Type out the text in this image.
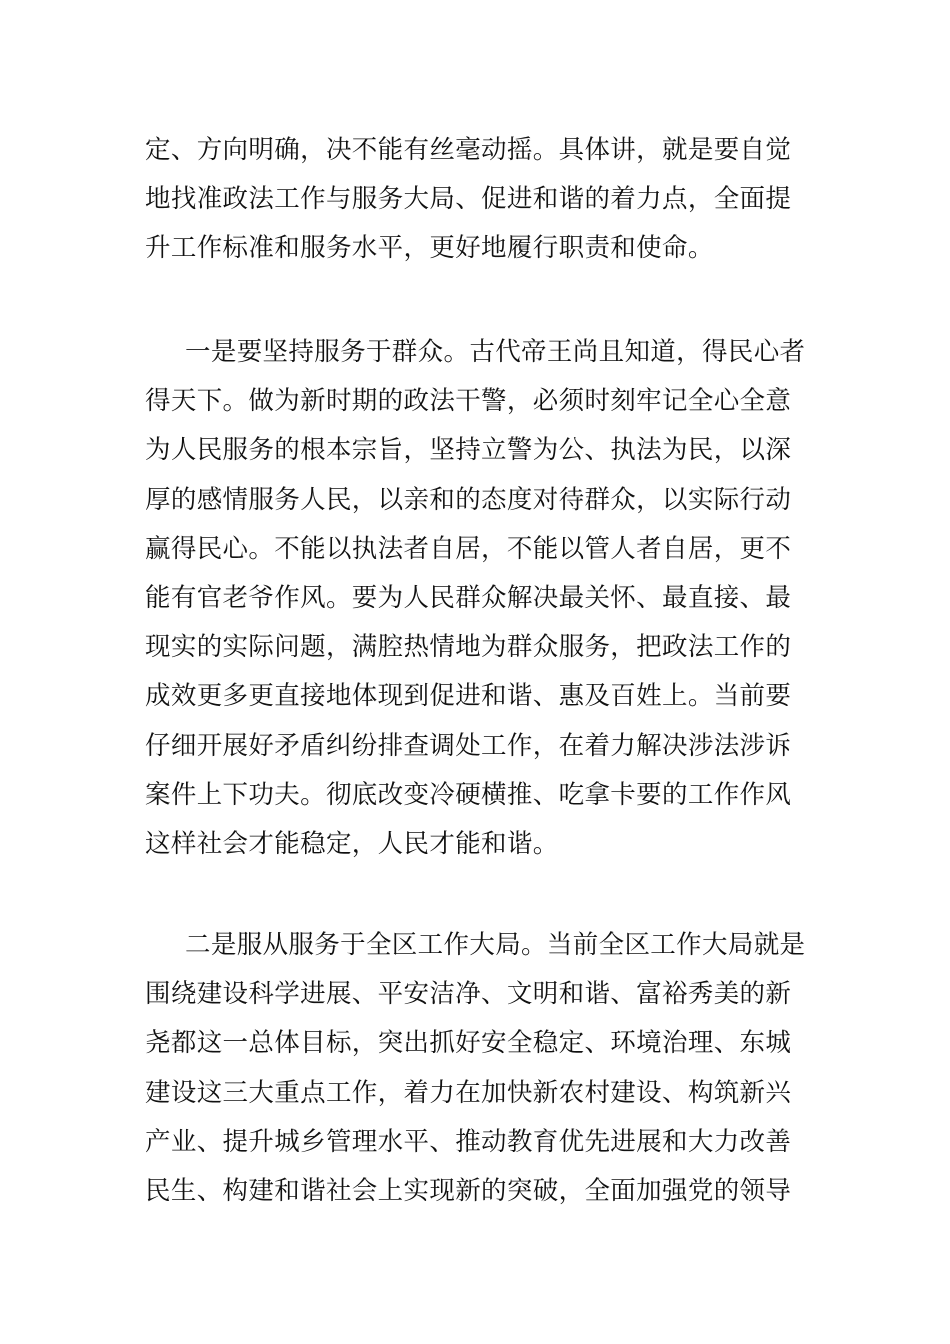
定、方向明确，决不能有丝毫动摇。具体讲，就是要自觉
地找准政法工作与服务大局、促进和谐的着力点，全面提
升工作标准和服务水平，更好地履行职责和使命。
一是要坚持服务于群众。古代帝王尚且知道，得民心者
得天下。做为新时期的政法干警，必须时刻牢记全心全意
为人民服务的根本宗旨，坚持立警为公、执法为民，以深
厚的感情服务人民，以亲和的态度对待群众，以实际行动
赢得民心。不能以执法者自居，不能以管人者自居，更不
能有官老爷作风。要为人民群众解决最关怀、最直接、最
现实的实际问题，满腔热情地为群众服务，把政法工作的
成效更多更直接地体现到促进和谐、惠及百姓上。当前要
仔细开展好矛盾纠纷排查调处工作，在着力解决涉法涉诉
案件上下功夫。彻底改变冷硬横推、吃拿卡要的工作作风
这样社会才能稳定，人民才能和谐。
二是服从服务于全区工作大局。当前全区工作大局就是
围绕建设科学进展、平安洁净、文明和谐、富裕秀美的新
尧都这一总体目标，突出抓好安全稳定、环境治理、东城
建设这三大重点工作，着力在加快新农村建设、构筑新兴
产业、提升城乡管理水平、推动教育优先进展和大力改善
民生、构建和谐社会上实现新的突破，全面加强党的领导
